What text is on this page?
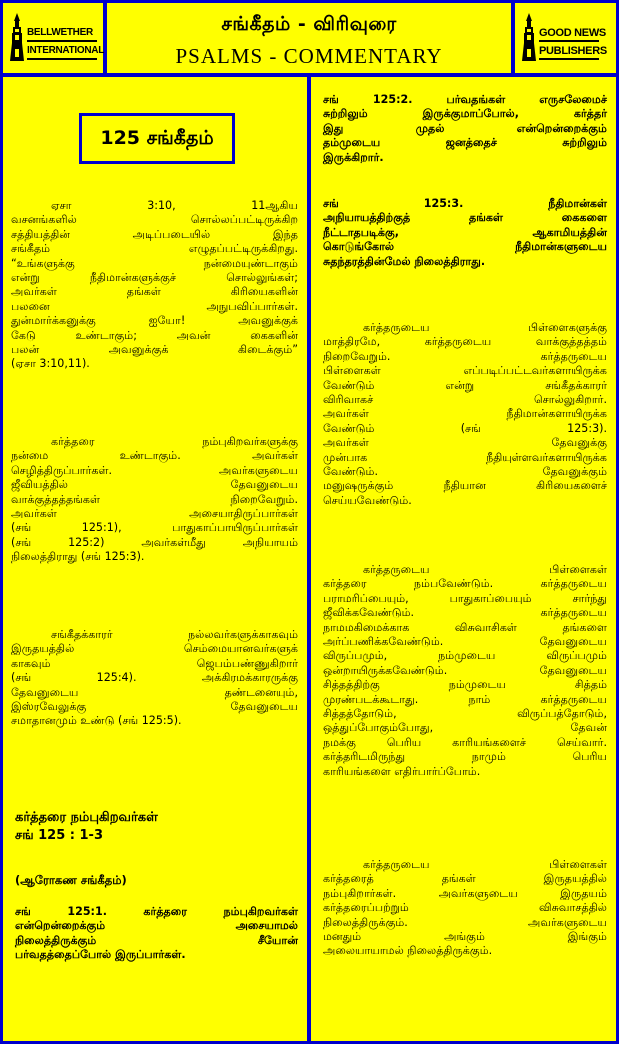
BELLWETHER
INTERNATIONAL
சங்கீதம் - விரிவுரை
PSALMS - COMMENTARY
GOOD NEWS
PUBLISHERS
125 சங்கீதம்
ஏசா 3:10, 11ஆகிய
வசனங்களில் சொல்லப்பட்டிருக்கிற
சத்தியத்தின் அடிப்படையில் இந்த
சங்கீதம் எழுதப்பட்டிருக்கிறது.
“உங்களுக்கு நன்மையுண்டாகும்
என்று நீதிமான்களுக்குச் சொல்லுங்கள்;
அவர்கள் தங்கள் கிரியைகளின்
பலனை அநுபவிப்பார்கள்.
துன்மார்க்கனுக்கு ஐயோ! அவனுக்குக்
கேடு உண்டாகும்; அவன் கைகளின்
பலன் அவனுக்குக் கிடைக்கும்”
(ஏசா 3:10,11).
கர்த்தரை நம்புகிறவர்களுக்கு
நன்மை உண்டாகும். அவர்கள்
செழித்திருப்பார்கள். அவர்களுடைய
ஜீவியத்தில் தேவனுடைய
வாக்குத்தத்தங்கள் நிறைவேறும்.
அவர்கள் அசையாதிருப்பார்கள்
(சங் 125:1), பாதுகாப்பாயிருப்பார்கள்
(சங் 125:2) அவர்கள்மீது அநியாயம்
நிலைத்திராது (சங் 125:3).
சங்கீதக்காரர் நல்லவர்களுக்காகவும்
இருதயத்தில் செம்மையானவர்களுக்
காகவும் ஜெபம்பண்ணுகிறார்
(சங் 125:4). அக்கிரமக்காரருக்கு
தேவனுடைய தண்டனையும்,
இஸ்ரவேலுக்கு தேவனுடைய
சமாதானமும் உண்டு (சங் 125:5).
கர்த்தரை நம்புகிறவர்கள்
சங் 125 : 1-3
(ஆரோகண சங்கீதம்)
சங் 125:1. கர்த்தரை நம்புகிறவர்கள்
என்றென்றைக்கும் அசையாமல்
நிலைத்திருக்கும் சீயோன்
பர்வதத்தைப்போல் இருப்பார்கள்.
சங் 125:2. பர்வதங்கள் எருசலேமைச்
சுற்றிலும் இருக்குமாப்போல், கர்த்தர்
இது முதல் என்றென்றைக்கும்
தம்முடைய ஜனத்தைச் சுற்றிலும்
இருக்கிறார்.
சங் 125:3. நீதிமான்கள்
அநியாயத்திற்குத் தங்கள் கைகளை
நீட்டாதபடிக்கு, ஆகாமியத்தின்
கொடுங்கோல் நீதிமான்களுடைய
சுதந்தரத்தின்மேல் நிலைத்திராது.
கர்த்தருடைய பிள்ளைகளுக்கு
மாத்திரமே, கர்த்தருடைய வாக்குத்தத்தம்
நிறைவேறும். கர்த்தருடைய
பிள்ளைகள் எப்படிப்பட்டவர்களாயிருக்க
வேண்டும் என்று சங்கீதக்காரர்
விரிவாகச் சொல்லுகிறார்.
அவர்கள் நீதிமான்களாயிருக்க
வேண்டும் (சங் 125:3).
அவர்கள் தேவனுக்கு
முன்பாக நீதியுள்ளவர்களாயிருக்க
வேண்டும். தேவனுக்கும்
மனுஷருக்கும் நீதியான கிரியைகளைச்
செய்யவேண்டும்.
கர்த்தருடைய பிள்ளைகள்
கர்த்தரை நம்பவேண்டும். கர்த்தருடைய
பராமரிப்பையும், பாதுகாப்பையும் சார்ந்து
ஜீவிக்கவேண்டும். கர்த்தருடைய
நாமமகிமைக்காக விசுவாசிகள் தங்களை
அர்ப்பணிக்கவேண்டும். தேவனுடைய
விருப்பமும், நம்முடைய விருப்பமும்
ஒன்றாயிருக்கவேண்டும். தேவனுடைய
சித்தத்திற்கு நம்முடைய சித்தம்
முரண்படக்கூடாது. நாம் கர்த்தருடைய
சித்தத்தோடும், விருப்பத்தோடும்,
ஒத்துப்போகும்போது, தேவன்
நமக்கு பெரிய காரியங்களைச் செய்வார்.
கர்த்தரிடமிருந்து நாமும் பெரிய
காரியங்களை எதிர்பார்ப்போம்.
கர்த்தருடைய பிள்ளைகள்
கர்த்தரைத் தங்கள் இருதயத்தில்
நம்புகிறார்கள். அவர்களுடைய இருதயம்
கர்த்தரைப்பற்றும் விசுவாசத்தில்
நிலைத்திருக்கும். அவர்களுடைய
மனதும் அங்கும் இங்கும்
அலையாயாமல் நிலைத்திருக்கும்.
